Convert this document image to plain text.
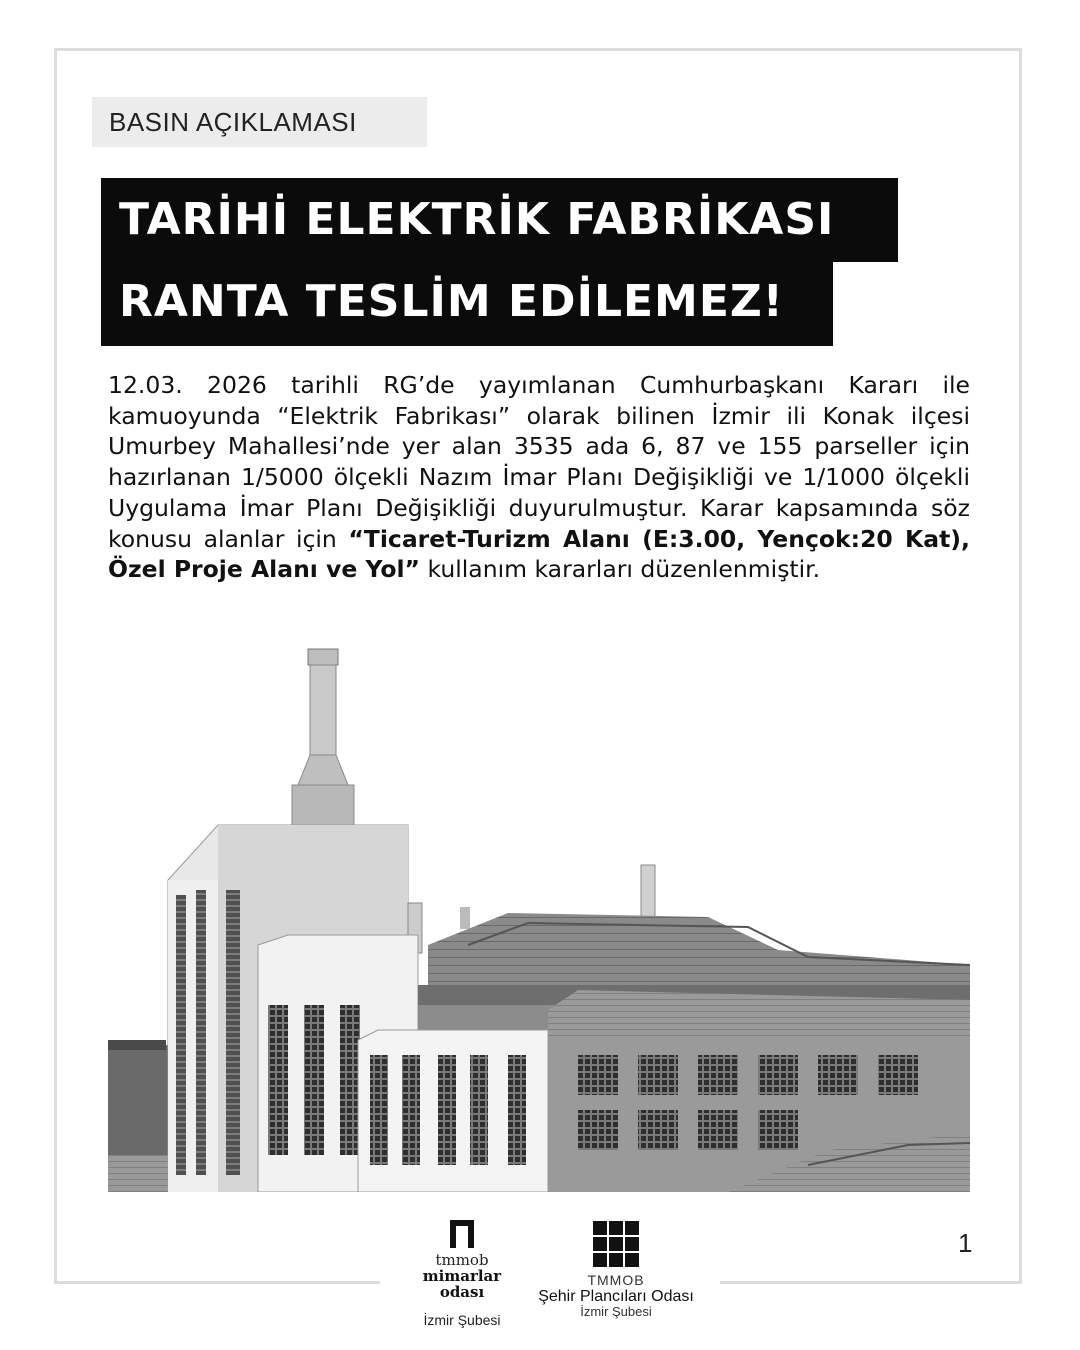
BASIN AÇIKLAMASI
TARİHİ ELEKTRİK FABRİKASI
RANTA TESLİM EDİLEMEZ!

12.03. 2026 tarihli RG’de yayımlanan Cumhurbaşkanı Kararı ile kamuoyunda “Elektrik Fabrikası” olarak bilinen İzmir ili Konak ilçesi Umurbey Mahallesi’nde yer alan 3535 ada 6, 87 ve 155 parseller için hazırlanan 1/5000 ölçekli Nazım İmar Planı Değişikliği ve 1/1000 ölçekli Uygulama İmar Planı Değişikliği duyurulmuştur. Karar kapsamında söz konusu alanlar için “Ticaret-Turizm Alanı (E:3.00, Yençok:20 Kat), Özel Proje Alanı ve Yol” kullanım kararları düzenlenmiştir.

1
tmmob
mimarlar
odası
İzmir Şubesi
TMMOB
Şehir Plancıları Odası
İzmir Şubesi
